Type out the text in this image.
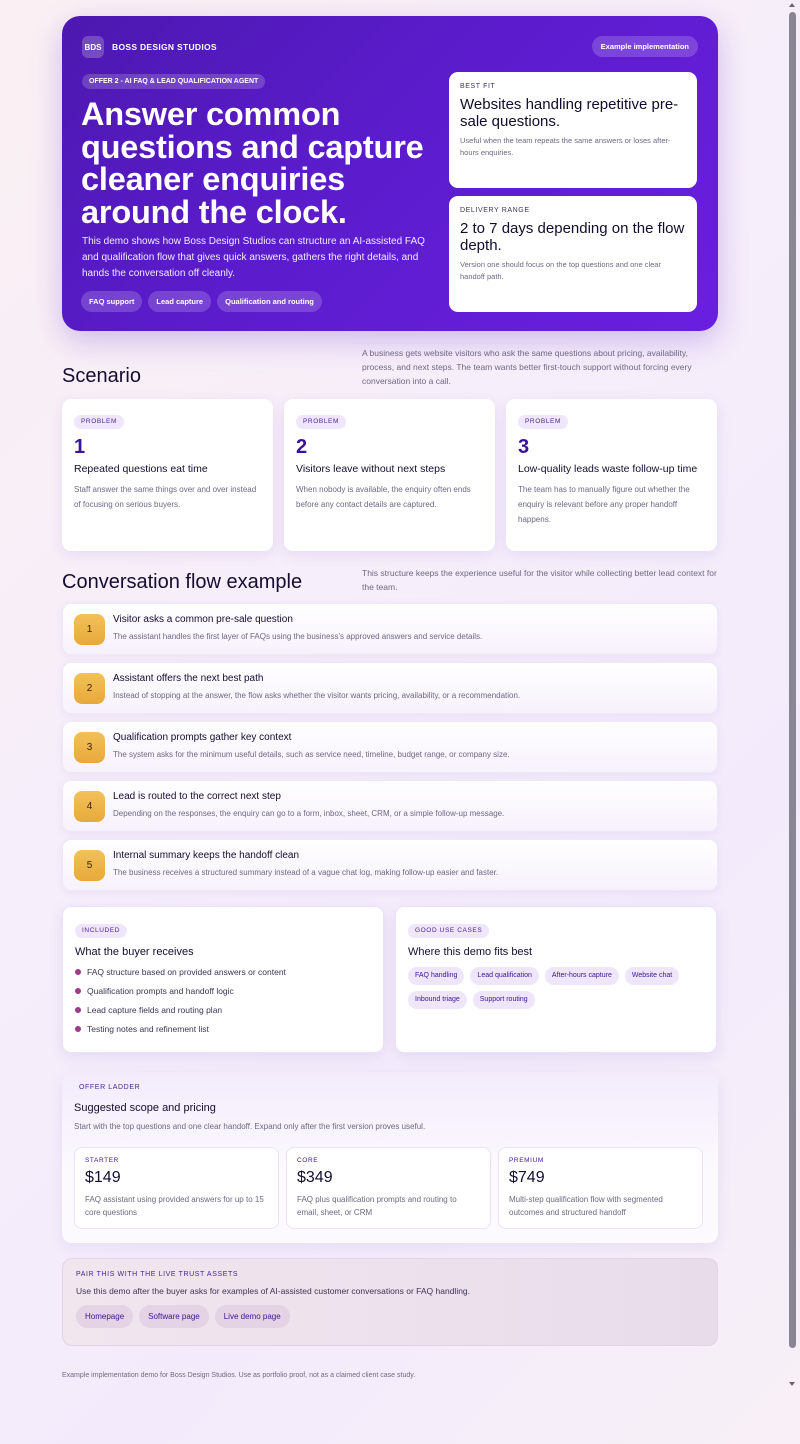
BDS	BOSS DESIGN STUDIOS	Example implementation
OFFER 2 - AI FAQ & LEAD QUALIFICATION AGENT
Answer common questions and capture cleaner enquiries around the clock.

This demo shows how Boss Design Studios can structure an AI-assisted FAQ and qualification flow that gives quick answers, gathers the right details, and hands the conversation off cleanly.

FAQ support	Lead capture	Qualification and routing
BEST FIT
Websites handling repetitive pre-sale questions.
Useful when the team repeats the same answers or loses after-hours enquiries.
DELIVERY RANGE
2 to 7 days depending on the flow depth.
Version one should focus on the top questions and one clear handoff path.
Scenario

A business gets website visitors who ask the same questions about pricing, availability, process, and next steps. The team wants better first-touch support without forcing every conversation into a call.

PROBLEM
1
Repeated questions eat time
Staff answer the same things over and over instead of focusing on serious buyers.
PROBLEM
2
Visitors leave without next steps
When nobody is available, the enquiry often ends before any contact details are captured.
PROBLEM
3
Low-quality leads waste follow-up time
The team has to manually figure out whether the enquiry is relevant before any proper handoff happens.
Conversation flow example	This structure keeps the experience useful for the visitor while collecting better lead context for the team.

1
Visitor asks a common pre-sale question
The assistant handles the first layer of FAQs using the business's approved answers and service details.
2
Assistant offers the next best path
Instead of stopping at the answer, the flow asks whether the visitor wants pricing, availability, or a recommendation.
3
Qualification prompts gather key context
The system asks for the minimum useful details, such as service need, timeline, budget range, or company size.
4
Lead is routed to the correct next step
Depending on the responses, the enquiry can go to a form, inbox, sheet, CRM, or a simple follow-up message.
5
Internal summary keeps the handoff clean
The business receives a structured summary instead of a vague chat log, making follow-up easier and faster.
INCLUDED
What the buyer receives
FAQ structure based on provided answers or content
Qualification prompts and handoff logic
Lead capture fields and routing plan
Testing notes and refinement list
GOOD USE CASES
Where this demo fits best
FAQ handling	Lead qualification	After-hours capture	Website chat
Inbound triage	Support routing
OFFER LADDER
Suggested scope and pricing
Start with the top questions and one clear handoff. Expand only after the first version proves useful.
STARTER
$149
FAQ assistant using provided answers for up to 15 core questions
CORE
$349
FAQ plus qualification prompts and routing to email, sheet, or CRM
PREMIUM
$749
Multi-step qualification flow with segmented outcomes and structured handoff
PAIR THIS WITH THE LIVE TRUST ASSETS
Use this demo after the buyer asks for examples of AI-assisted customer conversations or FAQ handling.
Homepage	Software page	Live demo page

Example implementation demo for Boss Design Studios. Use as portfolio proof, not as a claimed client case study.
